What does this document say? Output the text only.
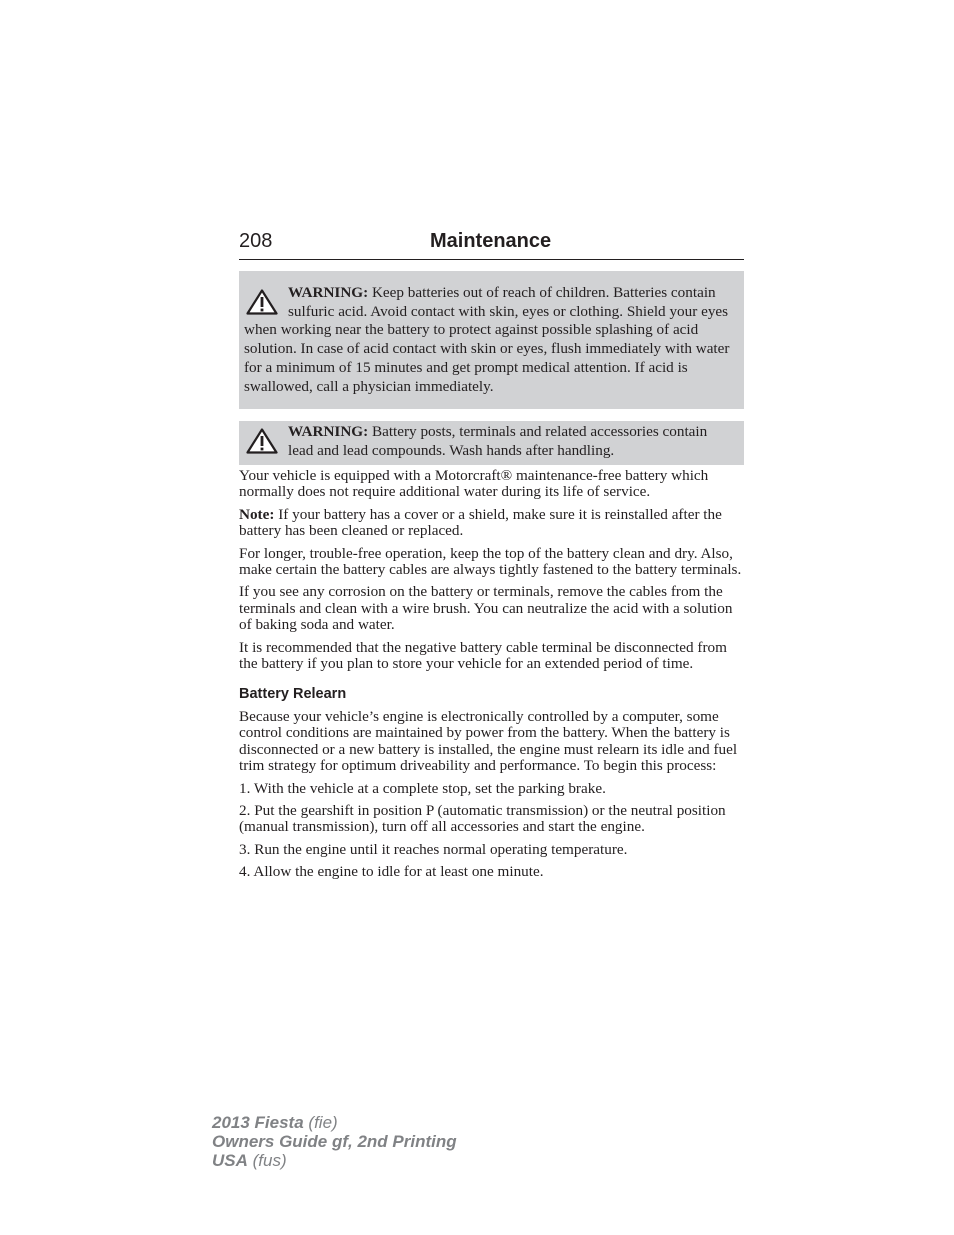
208	Maintenance
WARNING: Keep batteries out of reach of children. Batteries contain sulfuric acid. Avoid contact with skin, eyes or clothing. Shield your eyes when working near the battery to protect against possible splashing of acid solution. In case of acid contact with skin or eyes, flush immediately with water for a minimum of 15 minutes and get prompt medical attention. If acid is swallowed, call a physician immediately.
WARNING: Battery posts, terminals and related accessories contain lead and lead compounds. Wash hands after handling.

Your vehicle is equipped with a Motorcraft® maintenance-free battery which normally does not require additional water during its life of service.

Note: If your battery has a cover or a shield, make sure it is reinstalled after the battery has been cleaned or replaced.

For longer, trouble-free operation, keep the top of the battery clean and dry. Also, make certain the battery cables are always tightly fastened to the battery terminals.

If you see any corrosion on the battery or terminals, remove the cables from the terminals and clean with a wire brush. You can neutralize the acid with a solution of baking soda and water.

It is recommended that the negative battery cable terminal be disconnected from the battery if you plan to store your vehicle for an extended period of time.

Battery Relearn

Because your vehicle’s engine is electronically controlled by a computer, some control conditions are maintained by power from the battery. When the battery is disconnected or a new battery is installed, the engine must relearn its idle and fuel trim strategy for optimum driveability and performance. To begin this process:

1. With the vehicle at a complete stop, set the parking brake.

2. Put the gearshift in position P (automatic transmission) or the neutral position (manual transmission), turn off all accessories and start the engine.

3. Run the engine until it reaches normal operating temperature.

4. Allow the engine to idle for at least one minute.

2013 Fiesta (fie)
Owners Guide gf, 2nd Printing
USA (fus)
